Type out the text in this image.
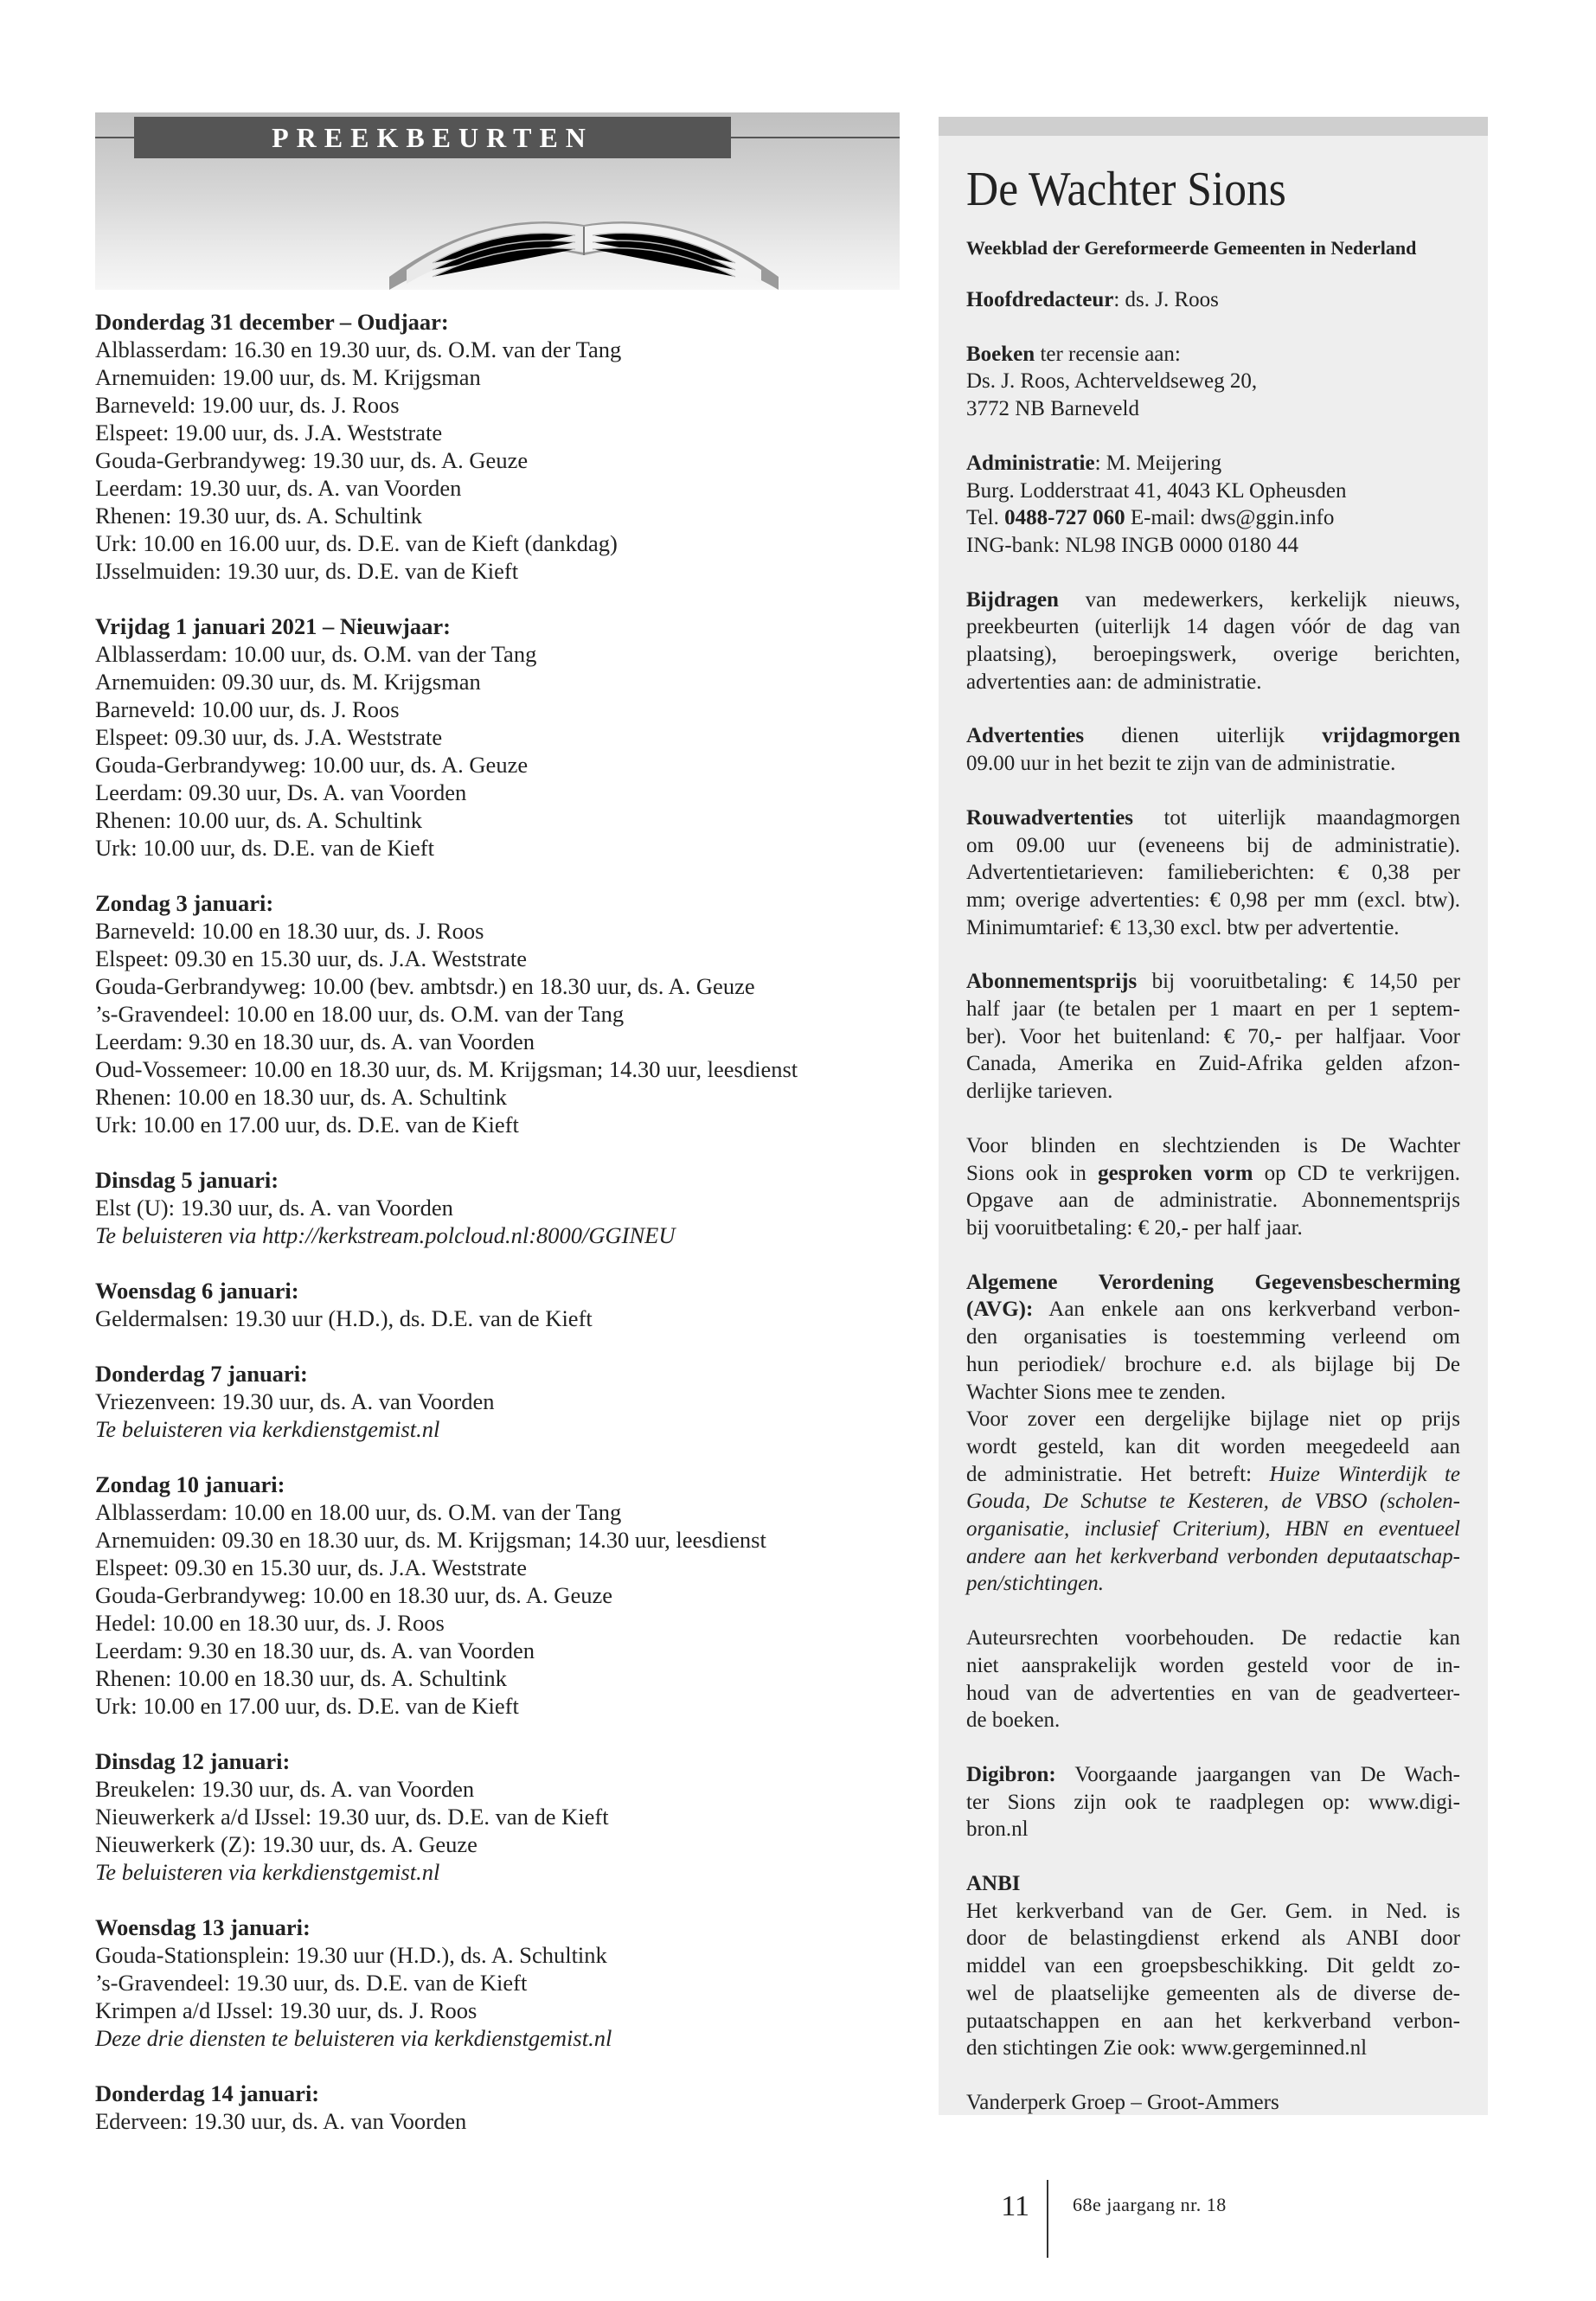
PREEKBEURTEN
Donderdag 31 december – Oudjaar:
Alblasserdam: 16.30 en 19.30 uur, ds. O.M. van der Tang
Arnemuiden: 19.00 uur, ds. M. Krijgsman
Barneveld: 19.00 uur, ds. J. Roos
Elspeet: 19.00 uur, ds. J.A. Weststrate
Gouda-Gerbrandyweg: 19.30 uur, ds. A. Geuze
Leerdam: 19.30 uur, ds. A. van Voorden
Rhenen: 19.30 uur, ds. A. Schultink
Urk: 10.00 en 16.00 uur, ds. D.E. van de Kieft (dankdag)
IJsselmuiden: 19.30 uur, ds. D.E. van de Kieft
Vrijdag 1 januari 2021 – Nieuwjaar:
Alblasserdam: 10.00 uur, ds. O.M. van der Tang
Arnemuiden: 09.30 uur, ds. M. Krijgsman
Barneveld: 10.00 uur, ds. J. Roos
Elspeet: 09.30 uur, ds. J.A. Weststrate
Gouda-Gerbrandyweg: 10.00 uur, ds. A. Geuze
Leerdam: 09.30 uur, Ds. A. van Voorden
Rhenen: 10.00 uur, ds. A. Schultink
Urk: 10.00 uur, ds. D.E. van de Kieft
Zondag 3 januari:
Barneveld: 10.00 en 18.30 uur, ds. J. Roos
Elspeet: 09.30 en 15.30 uur, ds. J.A. Weststrate
Gouda-Gerbrandyweg: 10.00 (bev. ambtsdr.) en 18.30 uur, ds. A. Geuze
’s-Gravendeel: 10.00 en 18.00 uur, ds. O.M. van der Tang
Leerdam: 9.30 en 18.30 uur, ds. A. van Voorden
Oud-Vossemeer: 10.00 en 18.30 uur, ds. M. Krijgsman; 14.30 uur, leesdienst
Rhenen: 10.00 en 18.30 uur, ds. A. Schultink
Urk: 10.00 en 17.00 uur, ds. D.E. van de Kieft
Dinsdag 5 januari:
Elst (U): 19.30 uur, ds. A. van Voorden
Te beluisteren via http://kerkstream.polcloud.nl:8000/GGINEU
Woensdag 6 januari:
Geldermalsen: 19.30 uur (H.D.), ds. D.E. van de Kieft
Donderdag 7 januari:
Vriezenveen: 19.30 uur, ds. A. van Voorden
Te beluisteren via kerkdienstgemist.nl
Zondag 10 januari:
Alblasserdam: 10.00 en 18.00 uur, ds. O.M. van der Tang
Arnemuiden: 09.30 en 18.30 uur, ds. M. Krijgsman; 14.30 uur, leesdienst
Elspeet: 09.30 en 15.30 uur, ds. J.A. Weststrate
Gouda-Gerbrandyweg: 10.00 en 18.30 uur, ds. A. Geuze
Hedel: 10.00 en 18.30 uur, ds. J. Roos
Leerdam: 9.30 en 18.30 uur, ds. A. van Voorden
Rhenen: 10.00 en 18.30 uur, ds. A. Schultink
Urk: 10.00 en 17.00 uur, ds. D.E. van de Kieft
Dinsdag 12 januari:
Breukelen: 19.30 uur, ds. A. van Voorden
Nieuwerkerk a/d IJssel: 19.30 uur, ds. D.E. van de Kieft
Nieuwerkerk (Z): 19.30 uur, ds. A. Geuze
Te beluisteren via kerkdienstgemist.nl
Woensdag 13 januari:
Gouda-Stationsplein: 19.30 uur (H.D.), ds. A. Schultink
’s-Gravendeel: 19.30 uur, ds. D.E. van de Kieft
Krimpen a/d IJssel: 19.30 uur, ds. J. Roos
Deze drie diensten te beluisteren via kerkdienstgemist.nl
Donderdag 14 januari:
Ederveen: 19.30 uur, ds. A. van Voorden
De Wachter Sions
Weekblad der Gereformeerde Gemeenten in Nederland
Hoofdredacteur: ds. J. Roos
Boeken ter recensie aan:
Ds. J. Roos, Achterveldseweg 20,
3772 NB Barneveld
Administratie: M. Meijering
Burg. Lodderstraat 41, 4043 KL Opheusden
Tel. 0488-727 060 E-mail: dws@ggin.info
ING-bank: NL98 INGB 0000 0180 44
Bijdragen van medewerkers, kerkelijk nieuws,
preekbeurten (uiterlijk 14 dagen vóór de dag van
plaatsing), beroepingswerk, overige berichten,
advertenties aan: de administratie.
Advertenties dienen uiterlijk vrijdagmorgen
09.00 uur in het bezit te zijn van de administratie.
Rouwadvertenties tot uiterlijk maandagmorgen
om 09.00 uur (eveneens bij de administratie).
Advertentietarieven: familieberichten: € 0,38 per
mm; overige advertenties: € 0,98 per mm (excl. btw).
Minimumtarief: € 13,30 excl. btw per advertentie.
Abonnementsprijs bij vooruitbetaling: € 14,50 per
half jaar (te betalen per 1 maart en per 1 septem-
ber). Voor het buitenland: € 70,- per halfjaar. Voor
Canada, Amerika en Zuid-Afrika gelden afzon-
derlijke tarieven.
Voor blinden en slechtzienden is De Wachter
Sions ook in gesproken vorm op CD te verkrijgen.
Opgave aan de administratie. Abonnementsprijs
bij vooruitbetaling: € 20,- per half jaar.
Algemene Verordening Gegevensbescherming
(AVG): Aan enkele aan ons kerkverband verbon-
den organisaties is toestemming verleend om
hun periodiek/ brochure e.d. als bijlage bij De
Wachter Sions mee te zenden.
Voor zover een dergelijke bijlage niet op prijs
wordt gesteld, kan dit worden meegedeeld aan
de administratie. Het betreft: Huize Winterdijk te
Gouda, De Schutse te Kesteren, de VBSO (scholen-
organisatie, inclusief Criterium), HBN en eventueel
andere aan het kerkverband verbonden deputaatschap-
pen/stichtingen.
Auteursrechten voorbehouden. De redactie kan
niet aansprakelijk worden gesteld voor de in-
houd van de advertenties en van de geadverteer-
de boeken.
Digibron: Voorgaande jaargangen van De Wach-
ter Sions zijn ook te raadplegen op: www.digi-
bron.nl
ANBI
Het kerkverband van de Ger. Gem. in Ned. is
door de belastingdienst erkend als ANBI door
middel van een groepsbeschikking. Dit geldt zo-
wel de plaatselijke gemeenten als de diverse de-
putaatschappen en aan het kerkverband verbon-
den stichtingen Zie ook: www.gergeminned.nl
Vanderperk Groep – Groot-Ammers
11 68e jaargang nr. 18
